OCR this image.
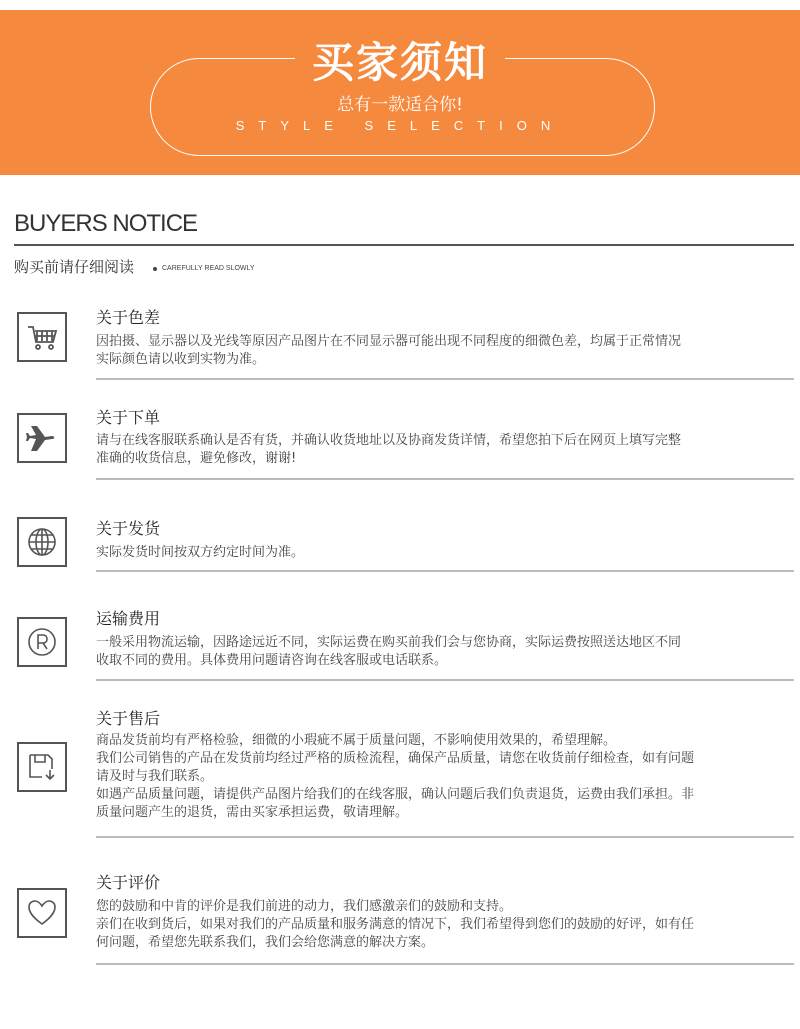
买家须知
总有一款适合你!
STYLE SELECTION
BUYERS NOTICE
购买前请仔细阅读	CAREFULLY READ SLOWLY
关于色差

因拍摄、显示器以及光线等原因产品图片在不同显示器可能出现不同程度的细微色差，均属于正常情况

实际颜色请以收到实物为准。

关于下单

请与在线客服联系确认是否有货，并确认收货地址以及协商发货详情，希望您拍下后在网页上填写完整

准确的收货信息，避免修改，谢谢!

关于发货

实际发货时间按双方约定时间为准。

运输费用

一般采用物流运输，因路途远近不同，实际运费在购买前我们会与您协商，实际运费按照送达地区不同

收取不同的费用。具体费用问题请咨询在线客服或电话联系。

关于售后

商品发货前均有严格检验，细微的小瑕疵不属于质量问题，不影响使用效果的，希望理解。

我们公司销售的产品在发货前均经过严格的质检流程，确保产品质量，请您在收货前仔细检查，如有问题

请及时与我们联系。

如遇产品质量问题，请提供产品图片给我们的在线客服，确认问题后我们负责退货，运费由我们承担。非

质量问题产生的退货，需由买家承担运费，敬请理解。

关于评价

您的鼓励和中肯的评价是我们前进的动力，我们感激亲们的鼓励和支持。

亲们在收到货后，如果对我们的产品质量和服务满意的情况下，我们希望得到您们的鼓励的好评，如有任

何问题，希望您先联系我们，我们会给您满意的解决方案。
